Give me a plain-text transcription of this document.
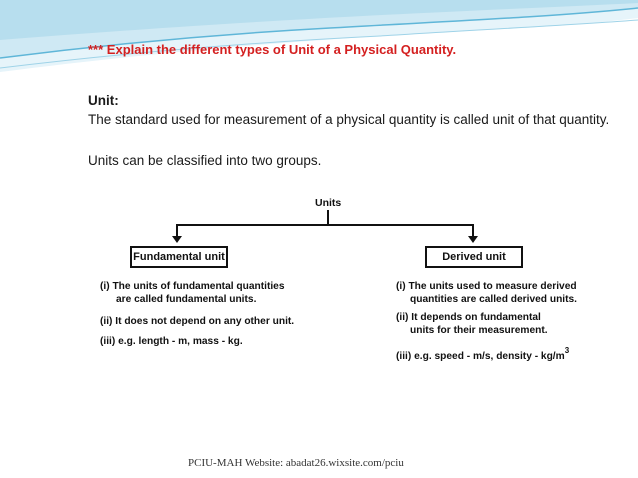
*** Explain the different types of Unit of a Physical Quantity.
Unit:
The standard used for measurement of a physical quantity is called unit of that quantity.
Units can be classified into two groups.
Units
Fundamental unit	Derived unit
(i) The units of fundamental quantities
are called fundamental units.
(ii) It does not depend on any other unit.
(iii) e.g. length - m, mass - kg.
(i) The units used to measure derived
quantities are called derived units.
(ii) It depends on fundamental
units for their measurement.
(iii) e.g. speed - m/s, density - $kg/m^3$
PCIU-MAH Website: abadat26.wixsite.com/pciu
